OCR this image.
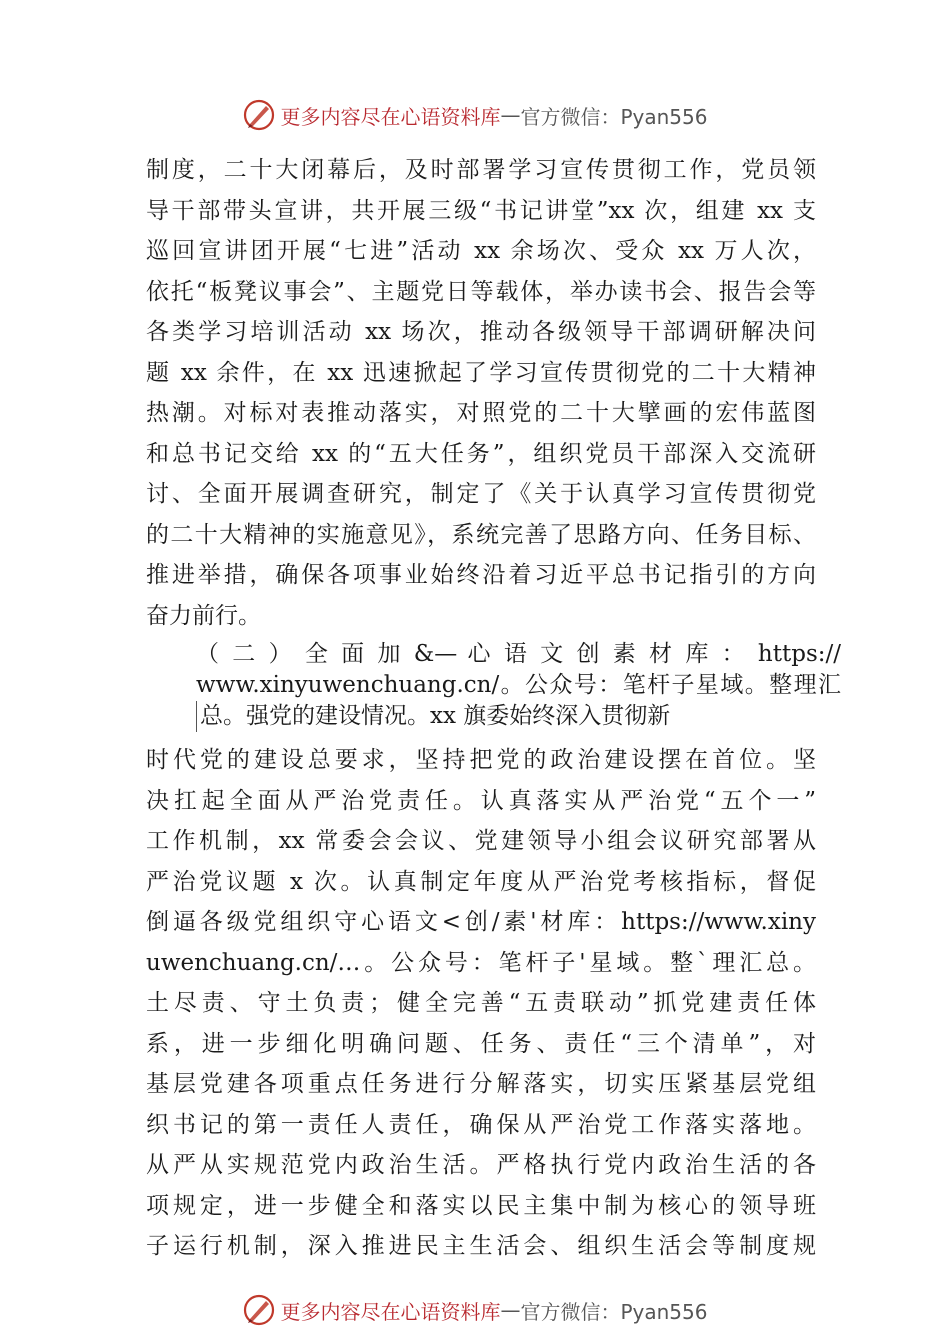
更多内容尽在心语资料库 — 官方微信：Pyan556
制度，二十大闭幕后，及时部署学习宣传贯彻工作，党员领
导干部带头宣讲，共开展三级“书记讲堂”xx 次，组建 xx 支
巡回宣讲团开展“七进”活动 xx 余场次、受众 xx 万人次，
依托“板凳议事会”、主题党日等载体，举办读书会、报告会等
各类学习培训活动 xx 场次，推动各级领导干部调研解决问
题 xx 余件，在 xx 迅速掀起了学习宣传贯彻党的二十大精神
热潮。对标对表推动落实，对照党的二十大擘画的宏伟蓝图
和总书记交给 xx 的“五大任务”，组织党员干部深入交流研
讨、全面开展调查研究，制定了《关于认真学习宣传贯彻党
的二十大精神的实施意见》，系统完善了思路方向、任务目标、
推进举措，确保各项事业始终沿着习近平总书记指引的方向
奋力前行。
（ 二 ） 全 面 加 &— 心 语 文 创 素 材 库 ： https://
www.xinyuwenchuang.cn/。公众号：笔杆子星域。整理汇
总。强党的建设情况。xx 旗委始终深入贯彻新
时代党的建设总要求，坚持把党的政治建设摆在首位。坚
决扛起全面从严治党责任。认真落实从严治党“五个一”
工作机制，xx 常委会会议、党建领导小组会议研究部署从
严治党议题 x 次。认真制定年度从严治党考核指标，督促
倒逼各级党组织守心语文<创/素'材库：https://www.xiny
uwenchuang.cn/…。公众号：笔杆子'星域。整`理汇总。
土尽责、守土负责；健全完善“五责联动”抓党建责任体
系，进一步细化明确问题、任务、责任“三个清单”，对
基层党建各项重点任务进行分解落实，切实压紧基层党组
织书记的第一责任人责任，确保从严治党工作落实落地。
从严从实规范党内政治生活。严格执行党内政治生活的各
项规定，进一步健全和落实以民主集中制为核心的领导班
子运行机制，深入推进民主生活会、组织生活会等制度规
更多内容尽在心语资料库 — 官方微信：Pyan556
